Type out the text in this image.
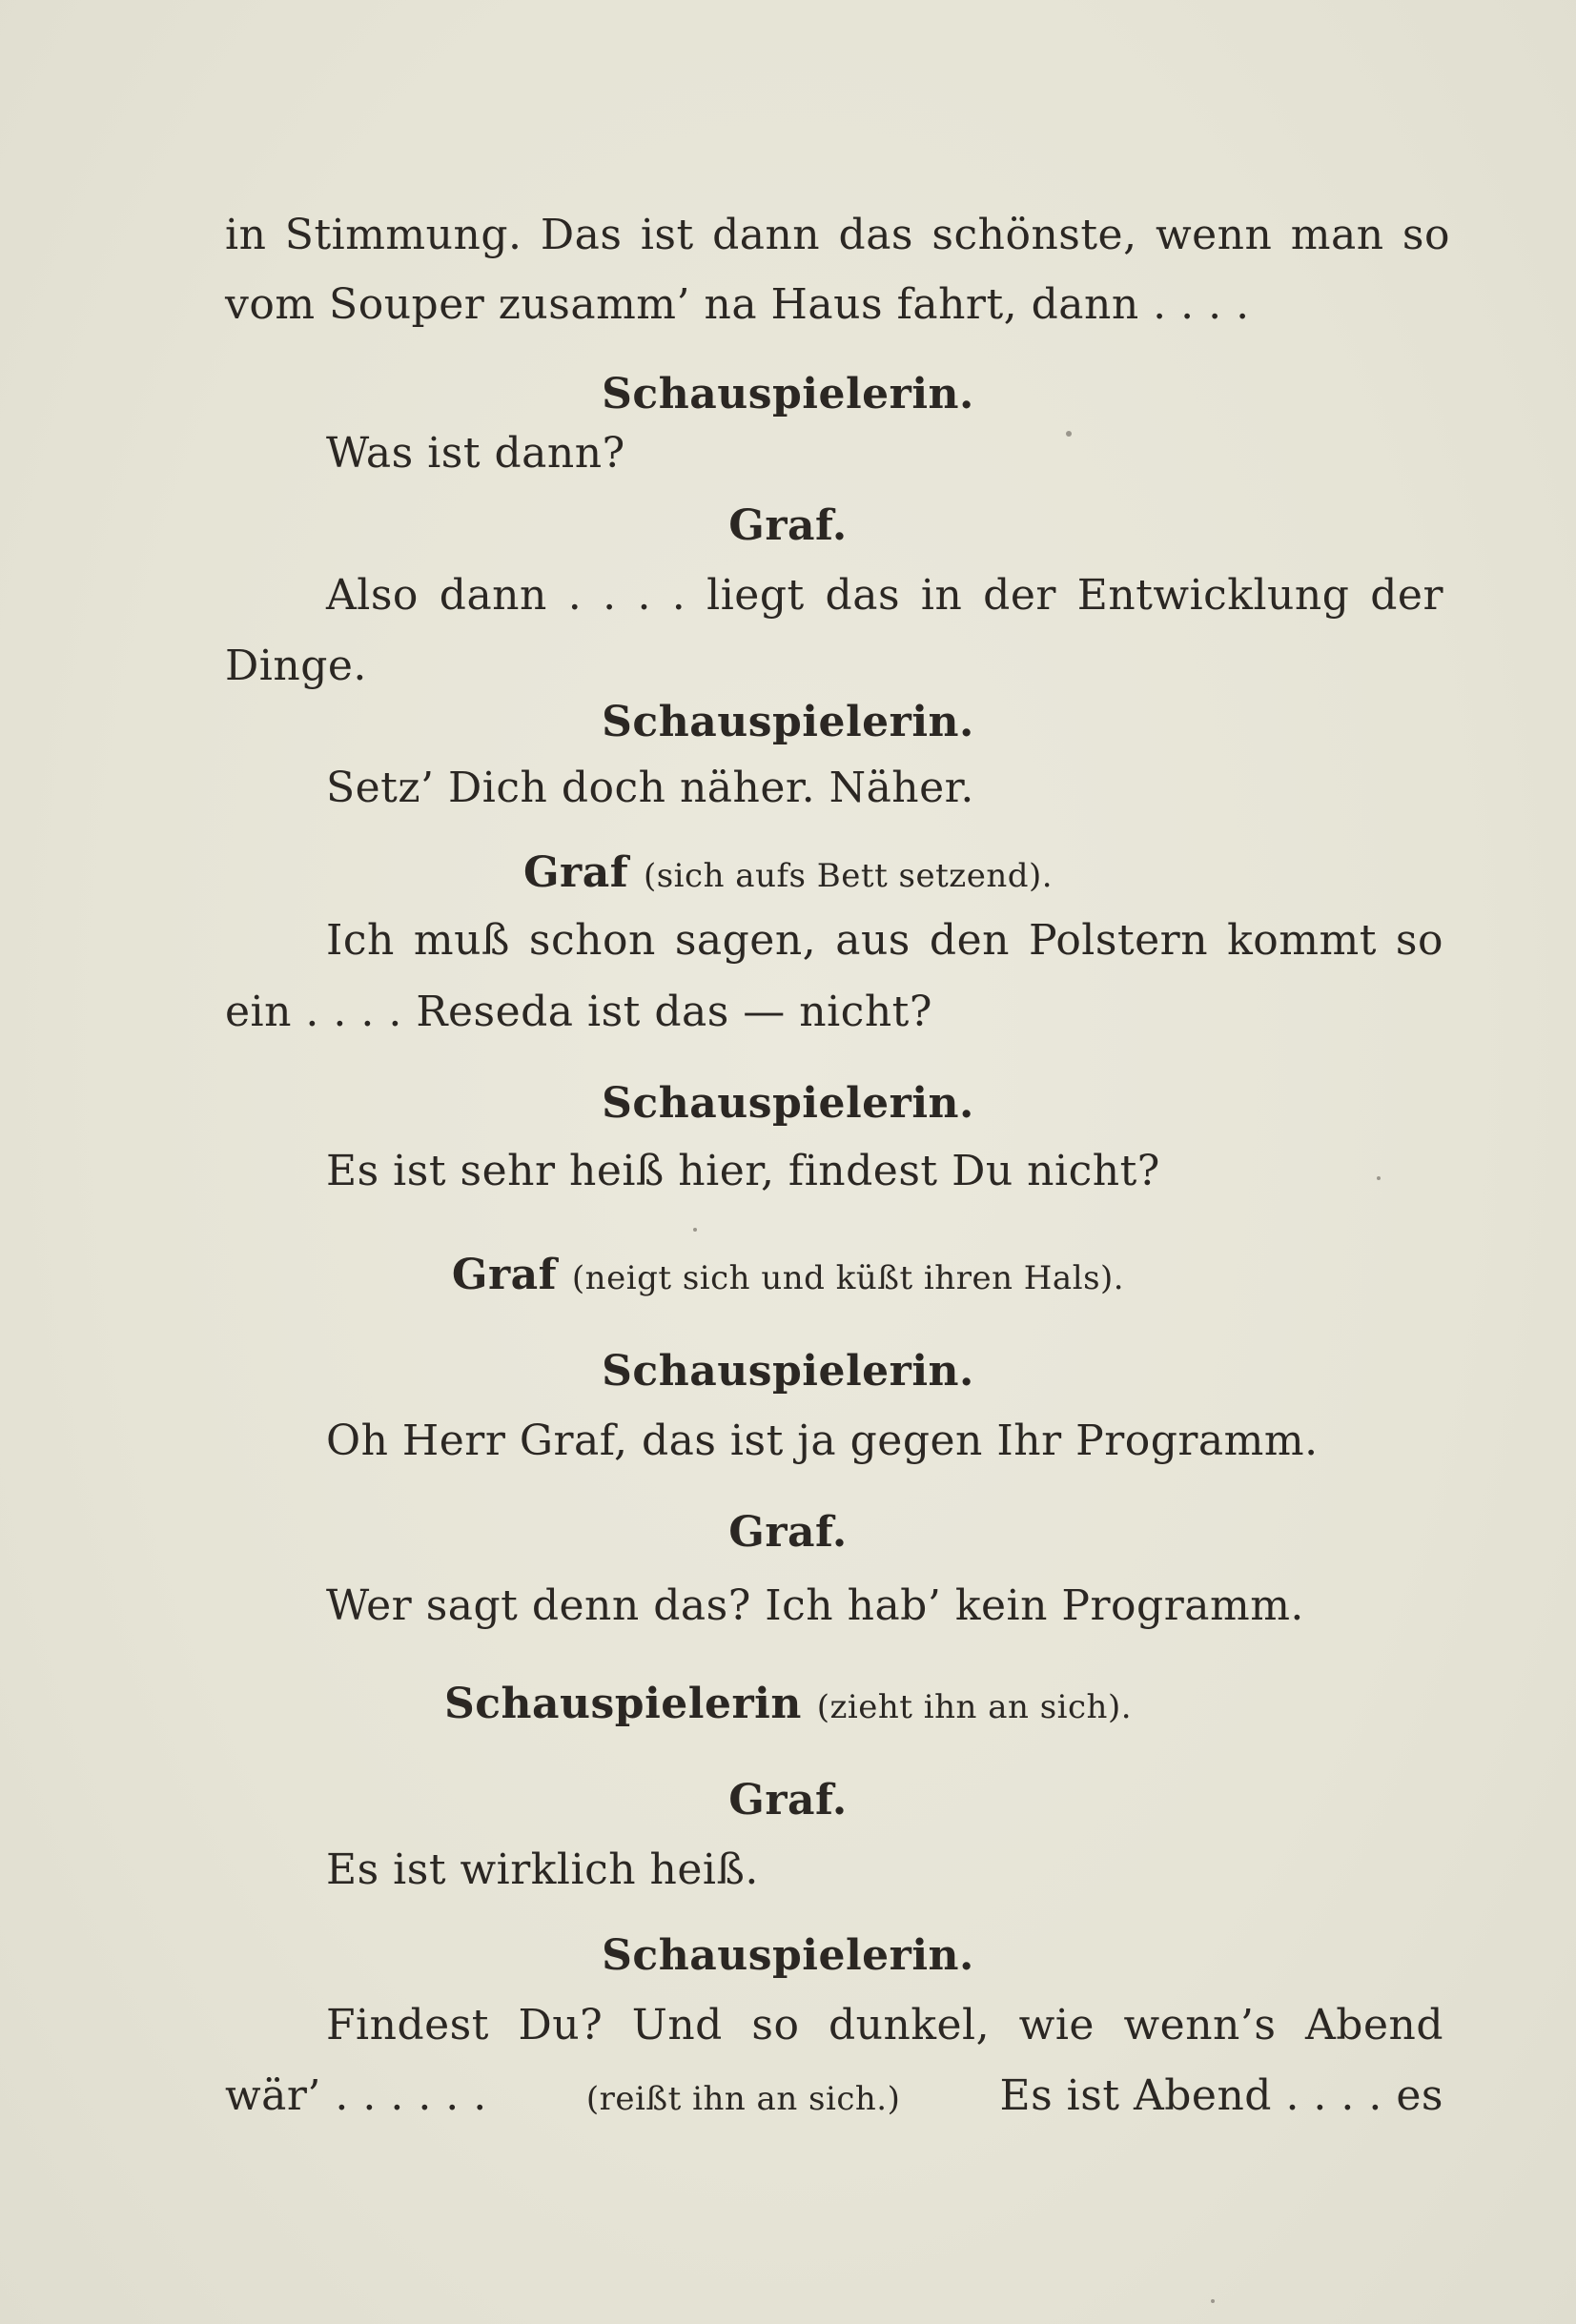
in Stimmung. Das ist dann das schönste, wenn man so
vom Souper zusamm’ na Haus fahrt, dann . . . .
Schauspielerin.
Was ist dann?
Graf.
Also dann . . . . liegt das in der Entwicklung der
Dinge.
Schauspielerin.
Setz’ Dich doch näher. Näher.
Graf (sich aufs Bett setzend).
Ich muß schon sagen, aus den Polstern kommt so
ein . . . . Reseda ist das — nicht?
Schauspielerin.
Es ist sehr heiß hier, findest Du nicht?
Graf (neigt sich und küßt ihren Hals).
Schauspielerin.
Oh Herr Graf, das ist ja gegen Ihr Programm.
Graf.
Wer sagt denn das? Ich hab’ kein Programm.
Schauspielerin (zieht ihn an sich).
Graf.
Es ist wirklich heiß.
Schauspielerin.
Findest Du? Und so dunkel, wie wenn’s Abend
wär’ . . . . . .	(reißt ihn an sich.) Es ist Abend . . . . es
